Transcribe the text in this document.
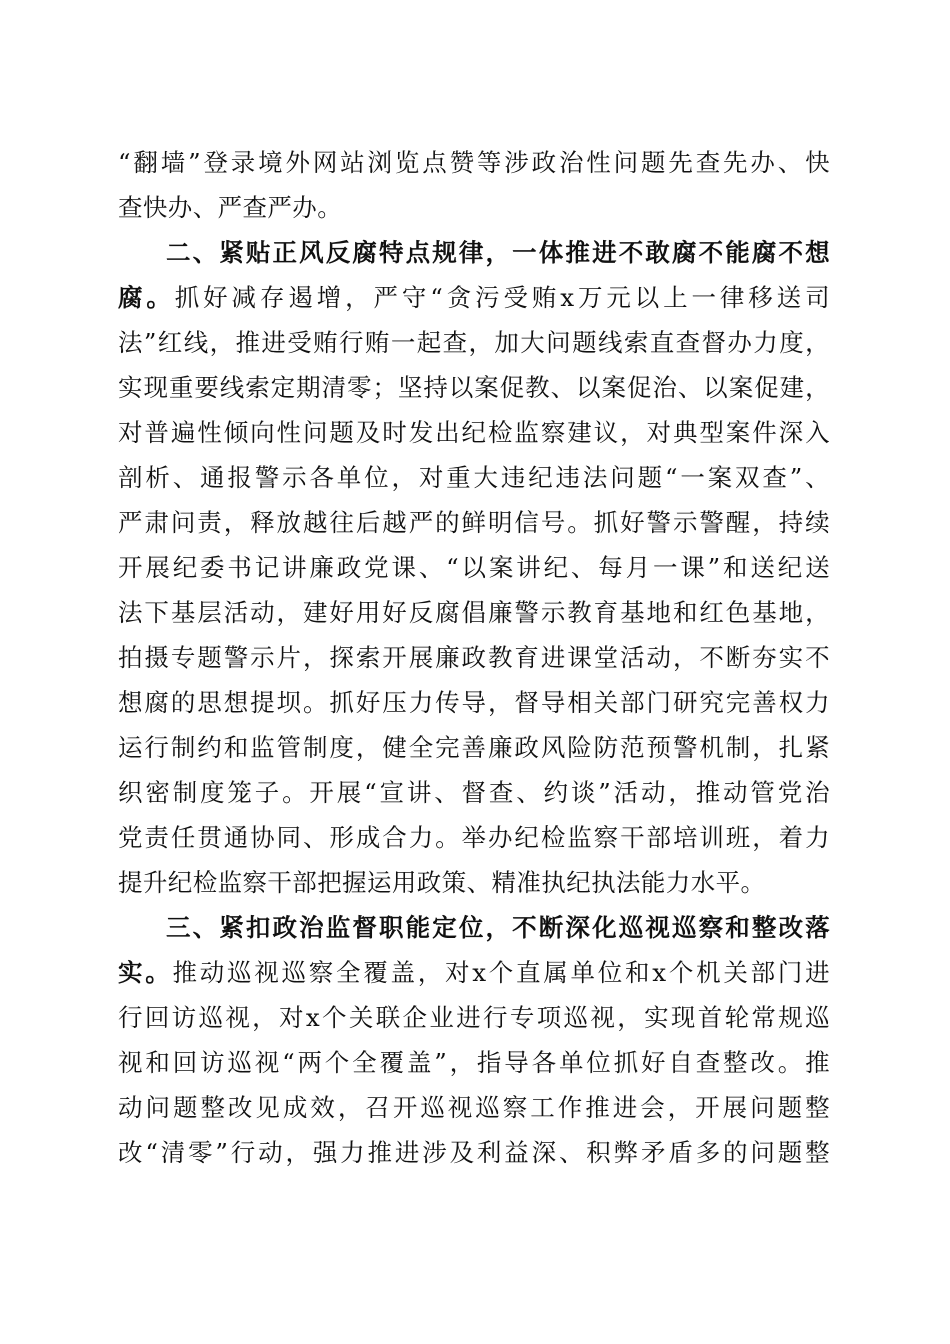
“翻墙”登录境外网站浏览点赞等涉政治性问题先查先办、快
查快办、严查严办。
二、紧贴正风反腐特点规律，一体推进不敢腐不能腐不想
腐。抓好减存遏增，严守“贪污受贿x万元以上一律移送司
法”红线，推进受贿行贿一起查，加大问题线索直查督办力度，
实现重要线索定期清零；坚持以案促教、以案促治、以案促建，
对普遍性倾向性问题及时发出纪检监察建议，对典型案件深入
剖析、通报警示各单位，对重大违纪违法问题“一案双查”、
严肃问责，释放越往后越严的鲜明信号。抓好警示警醒，持续
开展纪委书记讲廉政党课、“以案讲纪、每月一课”和送纪送
法下基层活动，建好用好反腐倡廉警示教育基地和红色基地，
拍摄专题警示片，探索开展廉政教育进课堂活动，不断夯实不
想腐的思想提坝。抓好压力传导，督导相关部门研究完善权力
运行制约和监管制度，健全完善廉政风险防范预警机制，扎紧
织密制度笼子。开展“宣讲、督查、约谈”活动，推动管党治
党责任贯通协同、形成合力。举办纪检监察干部培训班，着力
提升纪检监察干部把握运用政策、精准执纪执法能力水平。
三、紧扣政治监督职能定位，不断深化巡视巡察和整改落
实。推动巡视巡察全覆盖，对x个直属单位和x个机关部门进
行回访巡视，对x个关联企业进行专项巡视，实现首轮常规巡
视和回访巡视“两个全覆盖”，指导各单位抓好自查整改。推
动问题整改见成效，召开巡视巡察工作推进会，开展问题整
改“清零”行动，强力推进涉及利益深、积弊矛盾多的问题整
